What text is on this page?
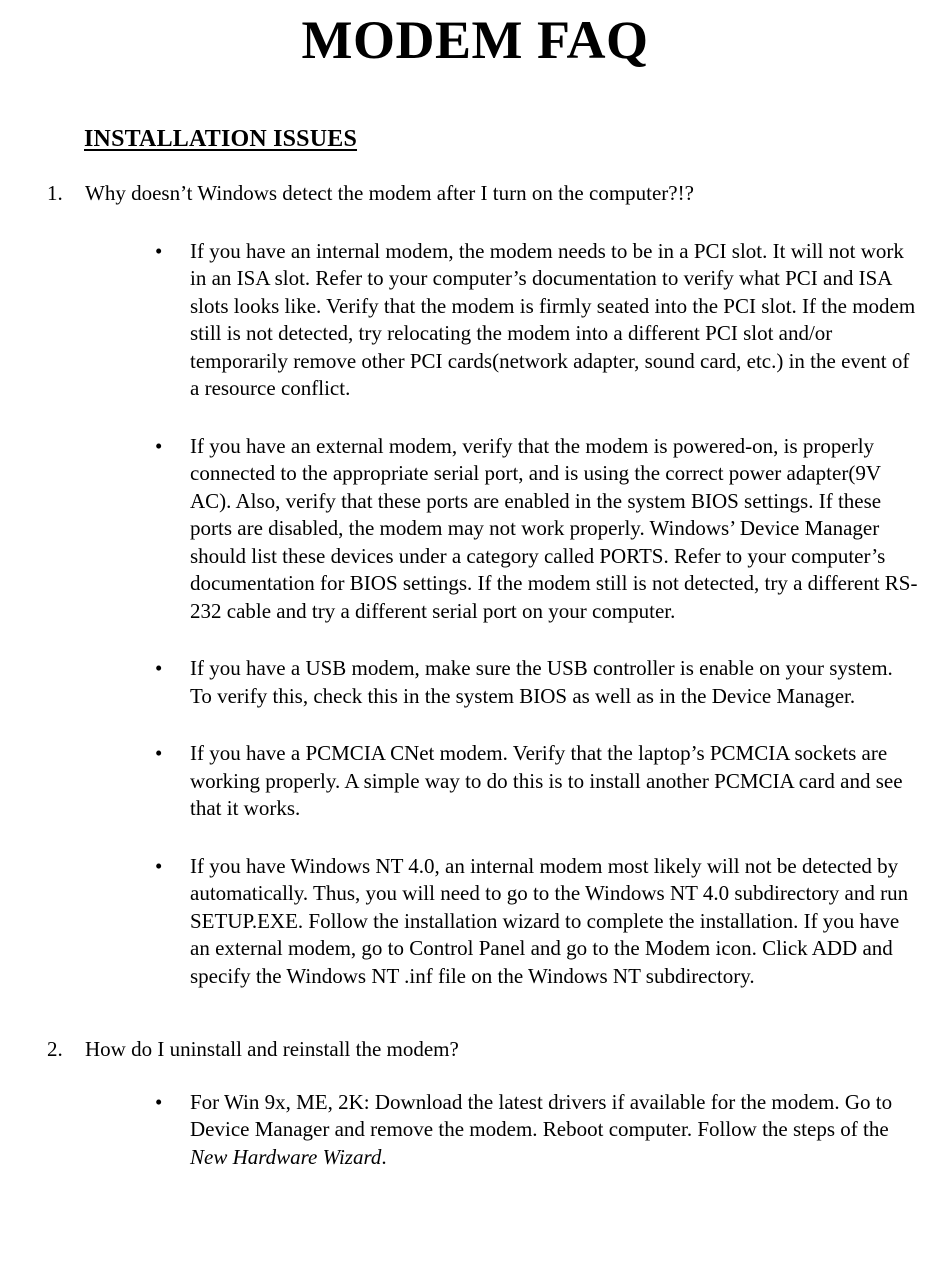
MODEM FAQ
INSTALLATION ISSUES
1.	Why doesn’t Windows detect the modem after I turn on the computer?!?
•	If you have an internal modem, the modem needs to be in a PCI slot. It will not work in an ISA slot. Refer to your computer’s documentation to verify what PCI and ISA slots looks like. Verify that the modem is firmly seated into the PCI slot. If the modem still is not detected, try relocating the modem into a different PCI slot and/or temporarily remove other PCI cards(network adapter, sound card, etc.) in the event of a resource conflict.
•	If you have an external modem, verify that the modem is powered-on, is properly connected to the appropriate serial port, and is using the correct power adapter(9V AC). Also, verify that these ports are enabled in the system BIOS settings. If these ports are disabled, the modem may not work properly. Windows’ Device Manager should list these devices under a category called PORTS. Refer to your computer’s documentation for BIOS settings. If the modem still is not detected, try a different RS-232 cable and try a different serial port on your computer.
•	If you have a USB modem, make sure the USB controller is enable on your system. To verify this, check this in the system BIOS as well as in the Device Manager.
•	If you have a PCMCIA CNet modem. Verify that the laptop’s PCMCIA sockets are working properly. A simple way to do this is to install another PCMCIA card and see that it works.
•	If you have Windows NT 4.0, an internal modem most likely will not be detected by automatically. Thus, you will need to go to the Windows NT 4.0 subdirectory and run SETUP.EXE. Follow the installation wizard to complete the installation. If you have an external modem, go to Control Panel and go to the Modem icon. Click ADD and specify the Windows NT .inf file on the Windows NT subdirectory.
2.	How do I uninstall and reinstall the modem?
•	For Win 9x, ME, 2K: Download the latest drivers if available for the modem. Go to Device Manager and remove the modem. Reboot computer. Follow the steps of the New Hardware Wizard.
